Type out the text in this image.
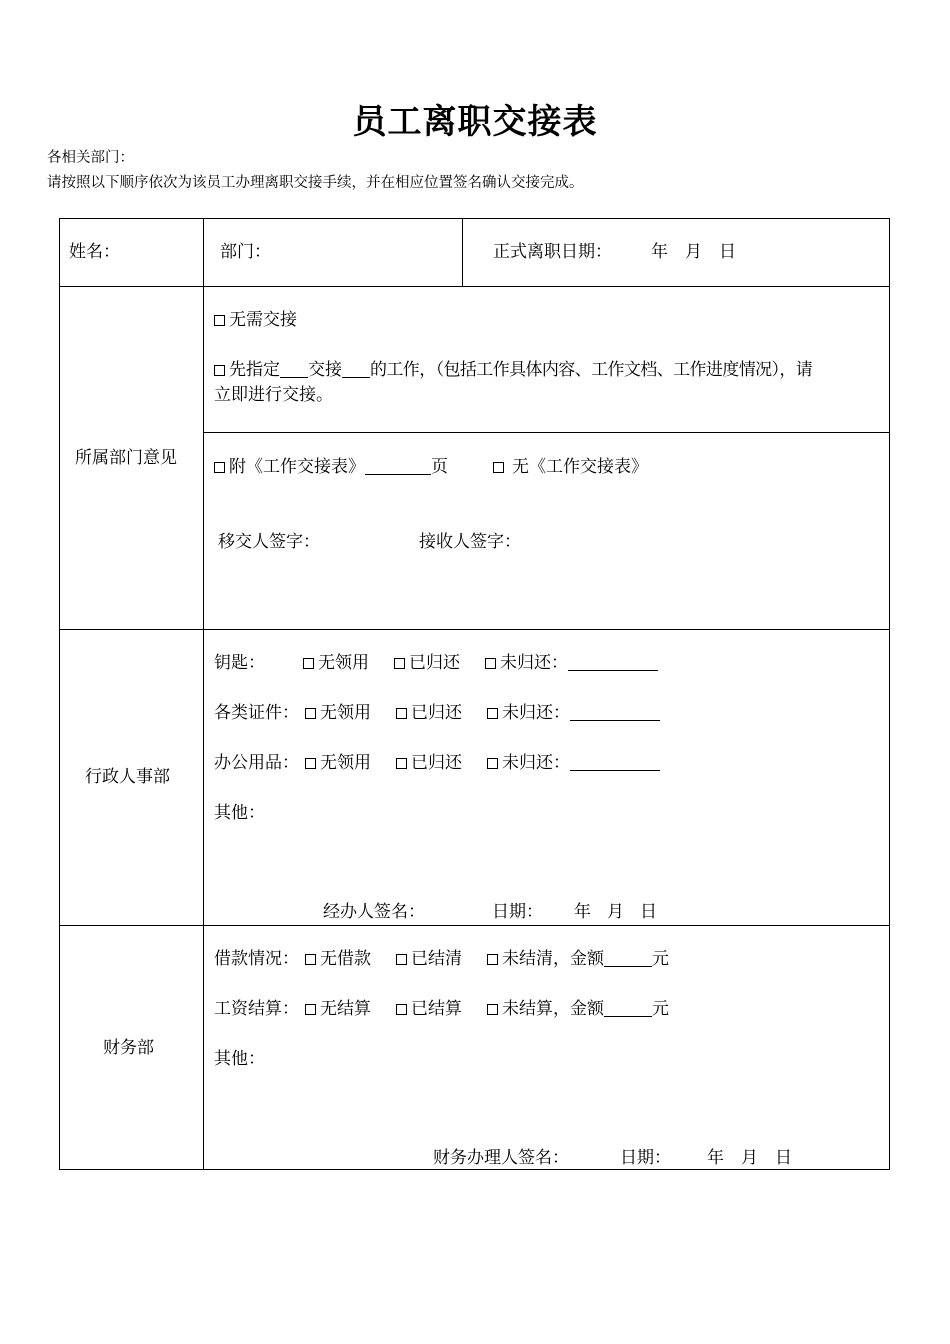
员工离职交接表
各相关部门：
请按照以下顺序依次为该员工办理离职交接手续，并在相应位置签名确认交接完成。
姓名：	部门：	正式离职日期： 年 月 日
所属部门意见
无需交接
先指定 交接 的工作，（包括工作具体内容、工作文档、工作进度情况），请
立即进行交接。
附《工作交接表》	页	无《工作交接表》
移交人签字：	接收人签字：
行政人事部
钥匙：	无领用 已归还 未归还：
各类证件： 无领用 已归还 未归还：
办公用品： 无领用 已归还 未归还：
其他：
经办人签名：	日期： 年 月 日
财务部
借款情况： 无借款 已结清 未结清，金额	元
工资结算： 无结算 已结算 未结算，金额	元
其他：
财务办理人签名：	日期： 年 月 日
